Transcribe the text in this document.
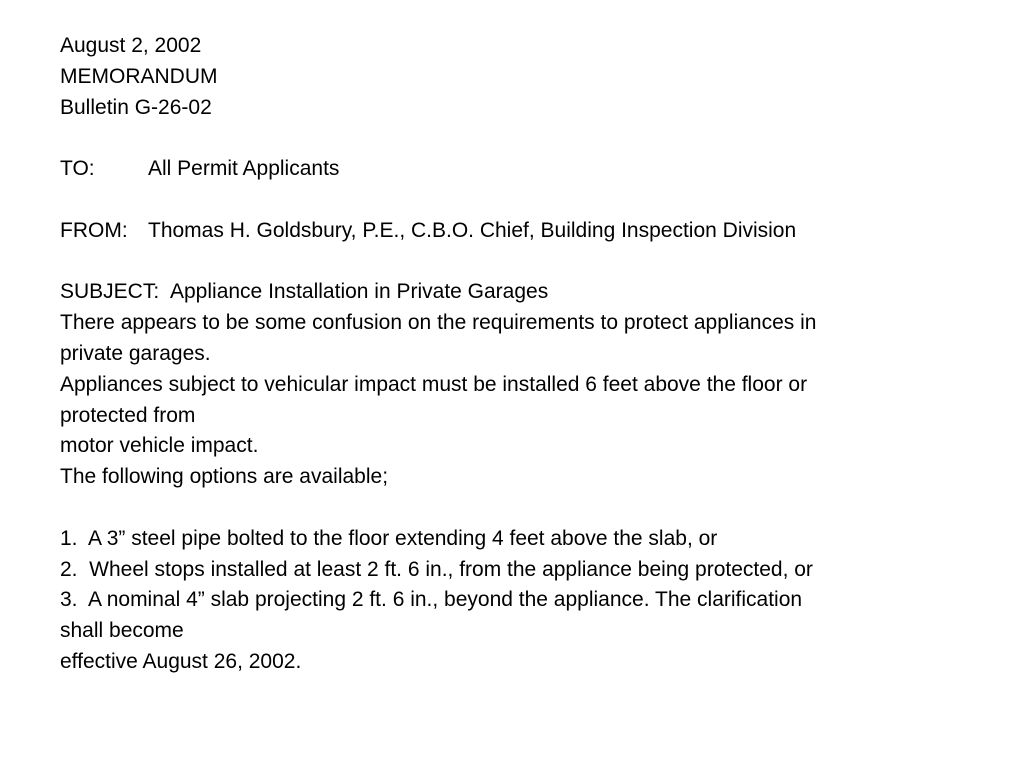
August 2, 2002
MEMORANDUM
Bulletin G-26-02
TO:	All Permit Applicants
FROM: Thomas H. Goldsbury, P.E., C.B.O. Chief, Building Inspection Division
SUBJECT: Appliance Installation in Private Garages
There appears to be some confusion on the requirements to protect appliances in
private garages.
Appliances subject to vehicular impact must be installed 6 feet above the floor or
protected from
motor vehicle impact.
The following options are available;
1.  A 3” steel pipe bolted to the floor extending 4 feet above the slab, or
2.  Wheel stops installed at least 2 ft. 6 in., from the appliance being protected, or
3.  A nominal 4” slab projecting 2 ft. 6 in., beyond the appliance. The clarification
shall become
effective August 26, 2002.
